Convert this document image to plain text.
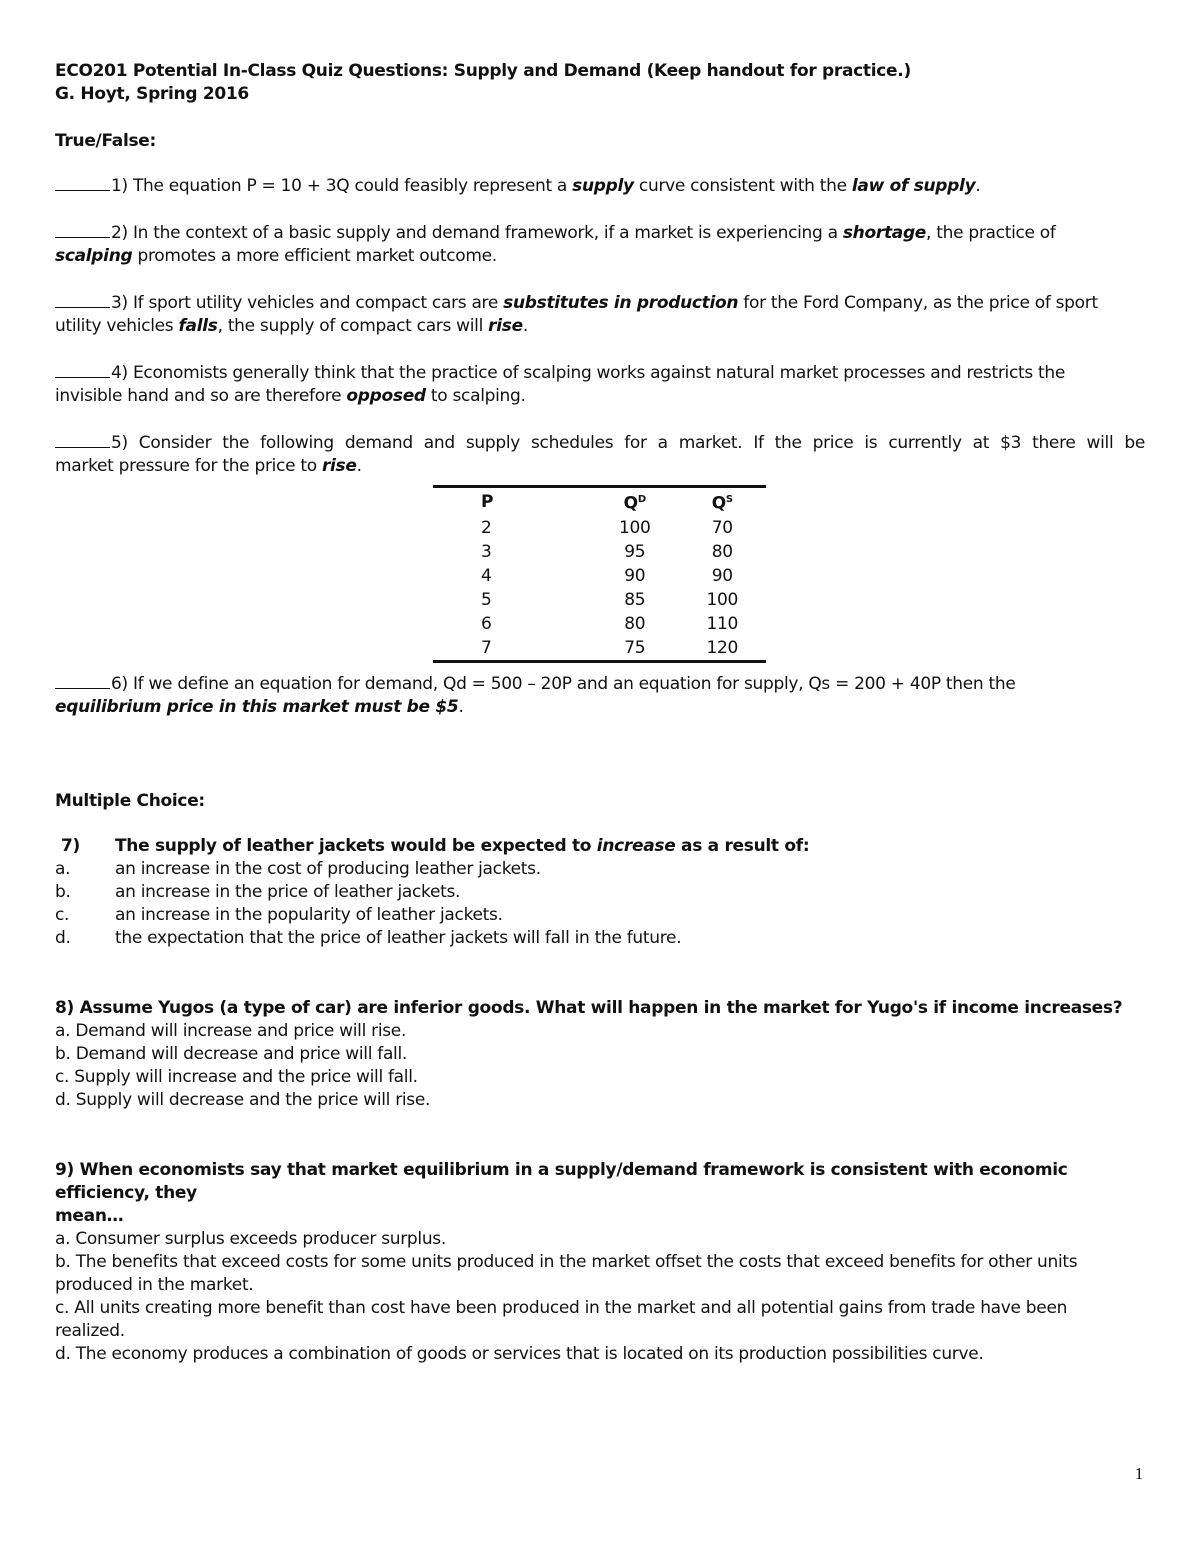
ECO201 Potential In-Class Quiz Questions: Supply and Demand (Keep handout for practice.)
G. Hoyt, Spring 2016
True/False:
1) The equation P = 10 + 3Q could feasibly represent a supply curve consistent with the law of supply.
2) In the context of a basic supply and demand framework, if a market is experiencing a shortage, the practice of
scalping promotes a more efficient market outcome.
3) If sport utility vehicles and compact cars are substitutes in production for the Ford Company, as the price of sport
utility vehicles falls, the supply of compact cars will rise.
4) Economists generally think that the practice of scalping works against natural market processes and restricts the
invisible hand and so are therefore opposed to scalping.
5) Consider the following demand and supply schedules for a market. If the price is currently at $3 there will be
market pressure for the price to rise.
6) If we define an equation for demand, Qd = 500 – 20P and an equation for supply, Qs = 200 + 40P then the
equilibrium price in this market must be $5.
Multiple Choice:
7)	The supply of leather jackets would be expected to increase as a result of:
a.	an increase in the cost of producing leather jackets.
b.	an increase in the price of leather jackets.
c.	an increase in the popularity of leather jackets.
d.	the expectation that the price of leather jackets will fall in the future.
8) Assume Yugos (a type of car) are inferior goods. What will happen in the market for Yugo's if income increases?
a. Demand will increase and price will rise.
b. Demand will decrease and price will fall.
c. Supply will increase and the price will fall.
d. Supply will decrease and the price will rise.
9) When economists say that market equilibrium in a supply/demand framework is consistent with economic efficiency, they
mean…
a. Consumer surplus exceeds producer surplus.
b. The benefits that exceed costs for some units produced in the market offset the costs that exceed benefits for other units
produced in the market.
c. All units creating more benefit than cost have been produced in the market and all potential gains from trade have been
realized.
d. The economy produces a combination of goods or services that is located on its production possibilities curve.
P	$Q^D$	$Q^S$
2	100	70
3	95	80
4	90	90
5	85	100
6	80	110
7	75	120
1
